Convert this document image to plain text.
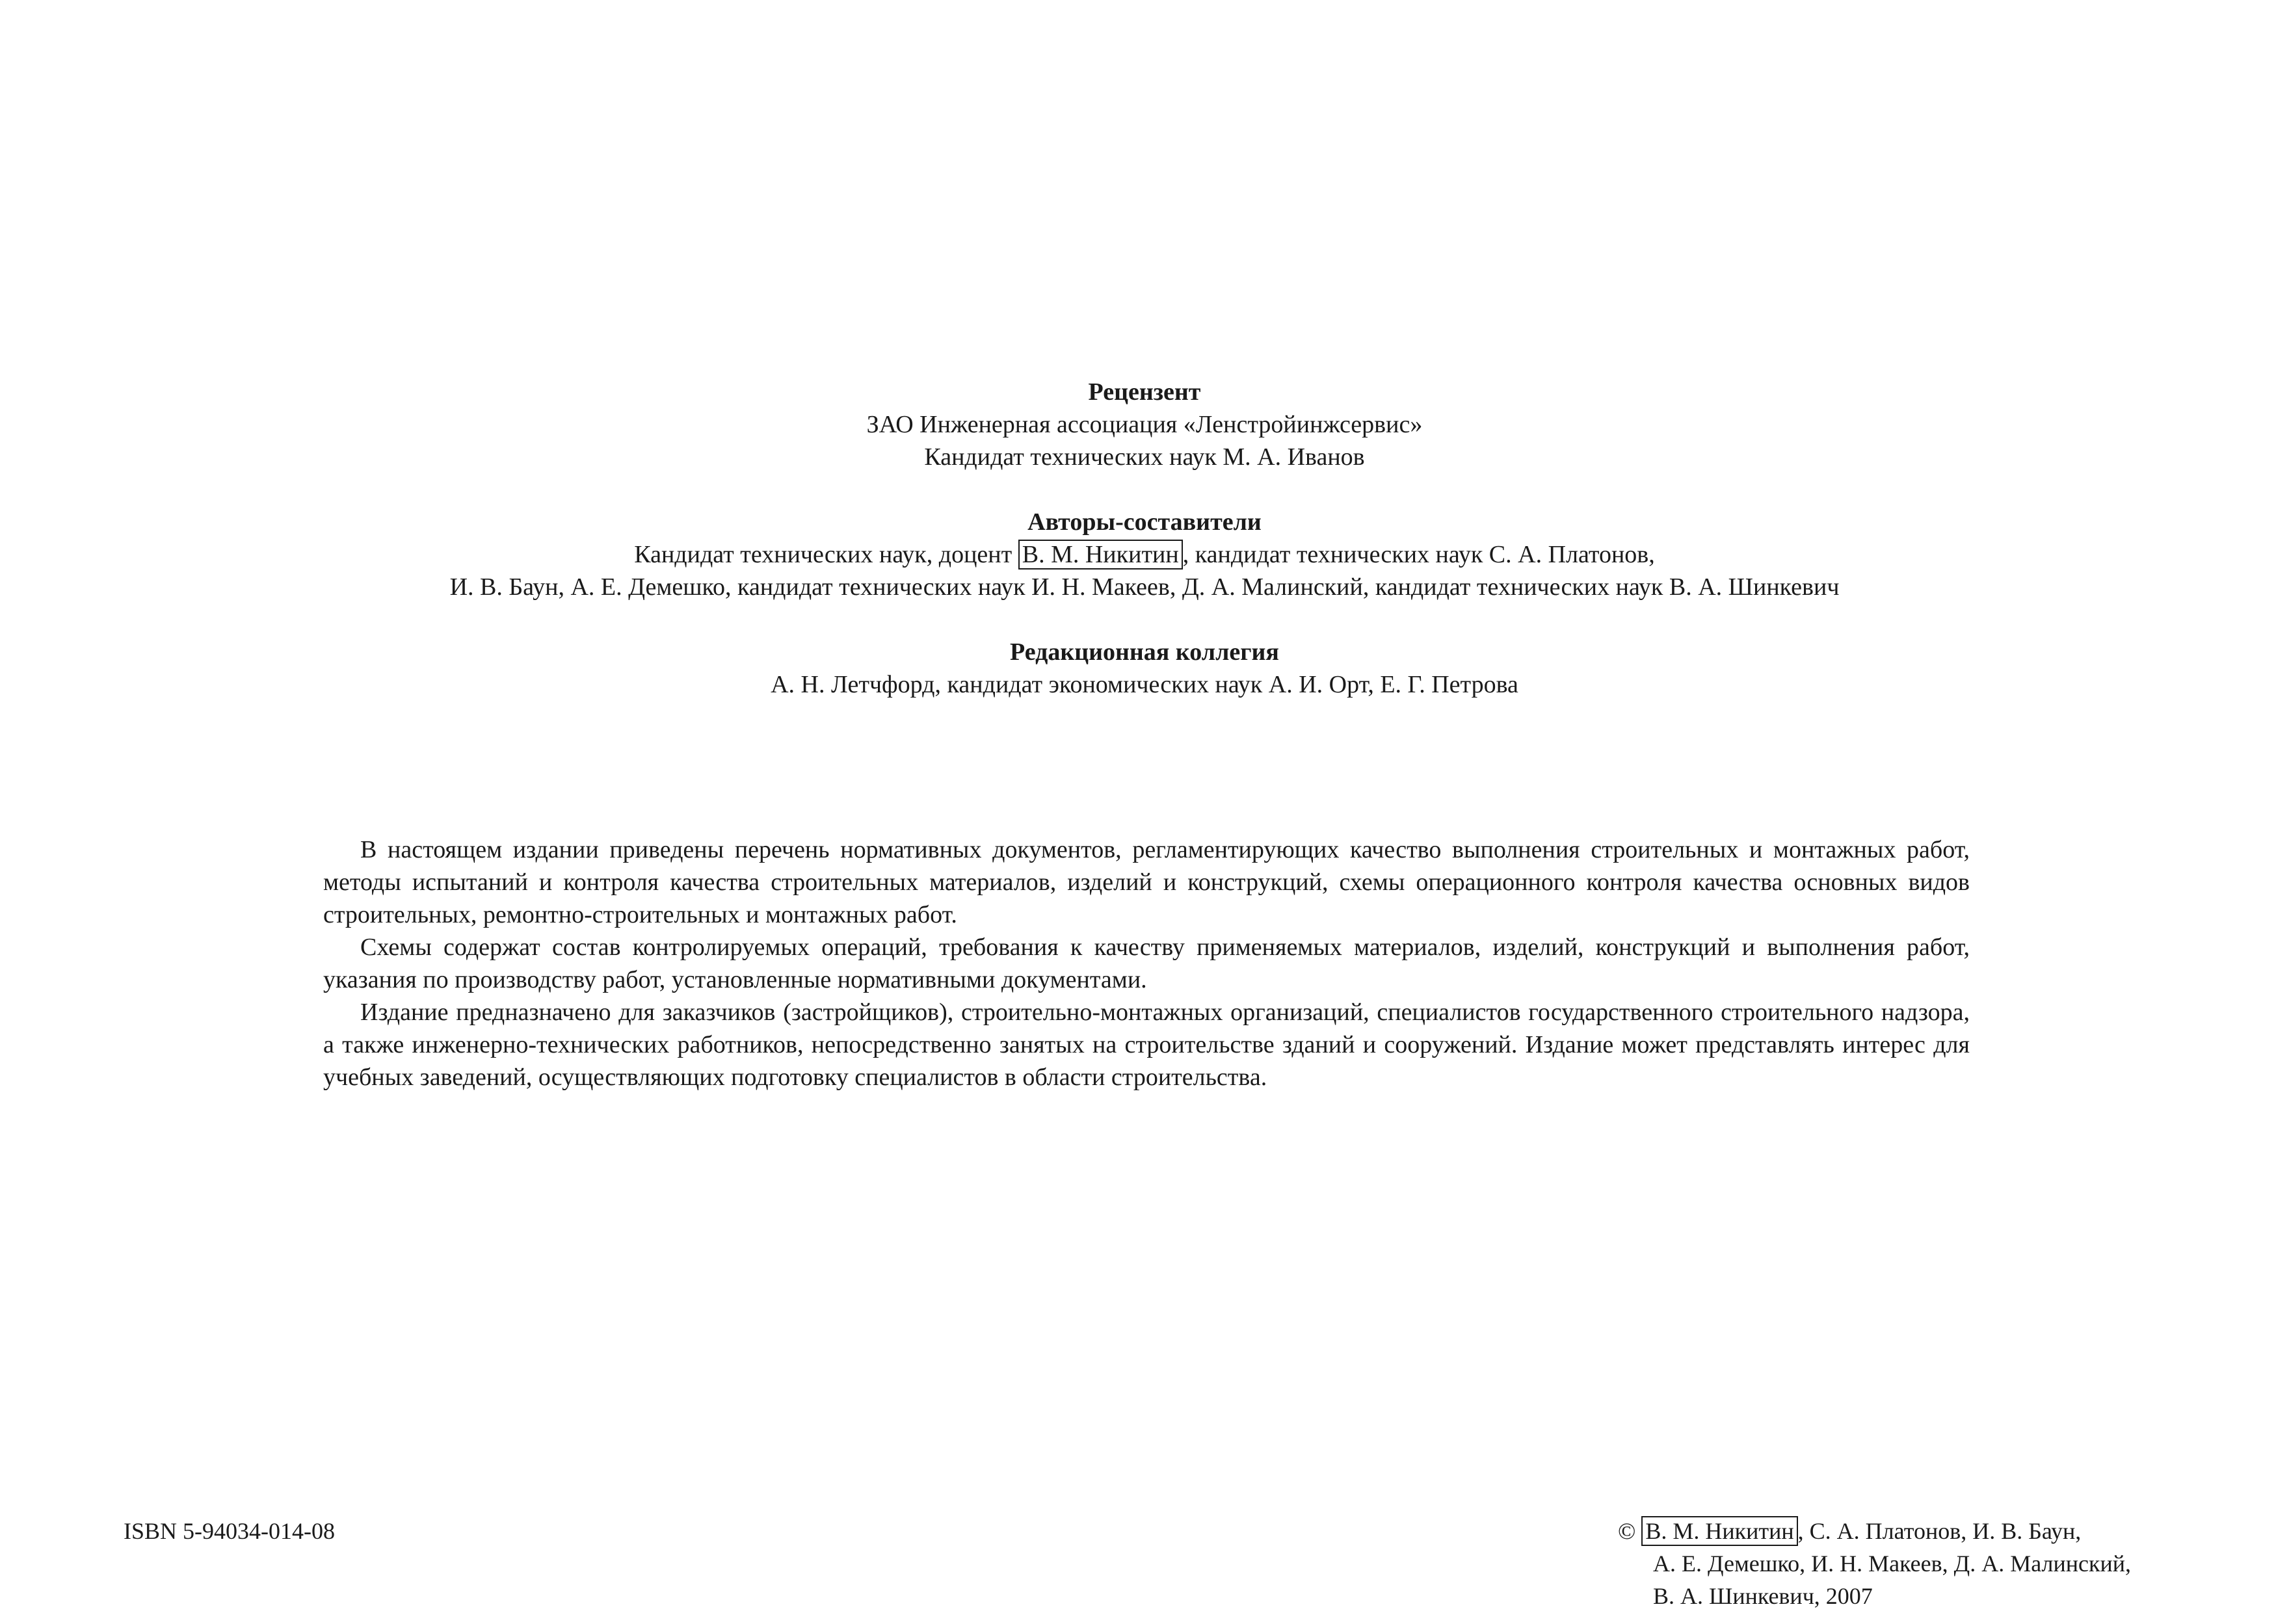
Рецензент

ЗАО Инженерная ассоциация «Ленстройинжсервис»

Кандидат технических наук М. А. Иванов

Авторы-составители

Кандидат технических наук, доцент В. М. Никитин , кандидат технических наук С. А. Платонов,

И. В. Баун, А. Е. Демешко, кандидат технических наук И. Н. Макеев, Д. А. Малинский, кандидат технических наук В. А. Шинкевич

Редакционная коллегия

А. Н. Летчфорд, кандидат экономических наук А. И. Орт, Е. Г. Петрова

В настоящем издании приведены перечень нормативных документов, регламентирующих качество выполнения строительных и монтажных работ, методы испытаний и контроля качества строительных материалов, изделий и конструкций, схемы операционного контроля качества основных видов строительных, ремонтно-строительных и монтажных работ.

Схемы содержат состав контролируемых операций, требования к качеству применяемых материалов, изделий, конструкций и выполнения работ, указания по производству работ, установленные нормативными документами.

Издание предназначено для заказчиков (застройщиков), строительно-монтажных организаций, специалистов государственного строительного надзора, а также инженерно-технических работников, непосредственно занятых на строительстве зданий и сооружений. Издание может представлять интерес для учебных заведений, осуществляющих подготовку специалистов в области строительства.

ISBN 5-94034-014-08	© В. М. Никитин , С. А. Платонов, И. В. Баун,
А. Е. Демешко, И. Н. Макеев, Д. А. Малинский,
В. А. Шинкевич, 2007
